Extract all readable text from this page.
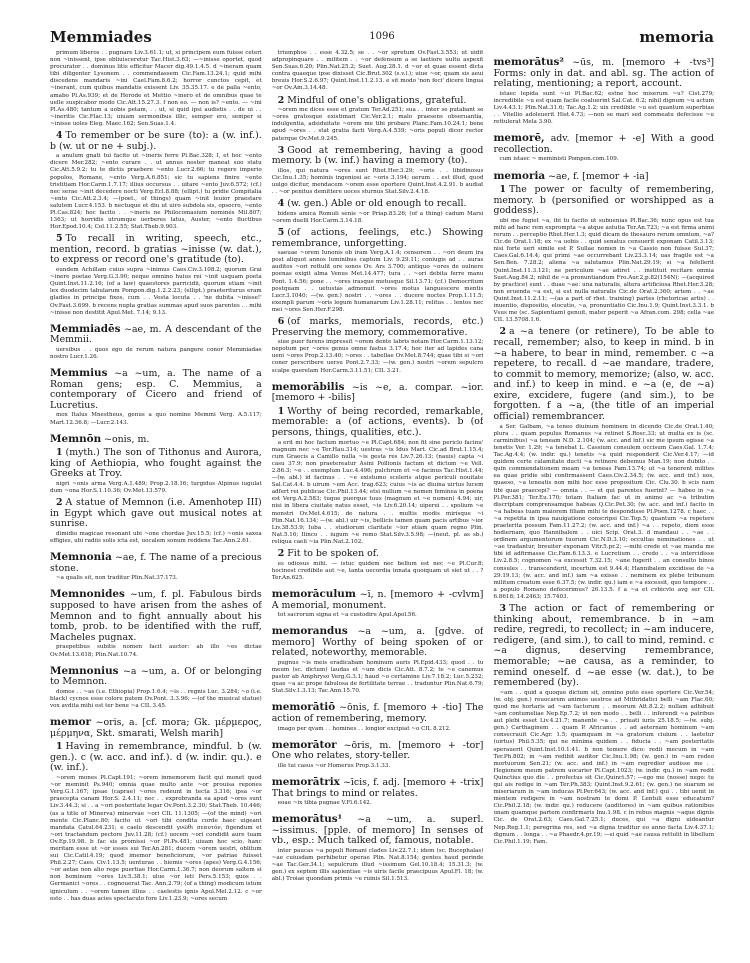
Memmiades	1096	memoria

primum liberos . . pugnare Liv.3.61.1; ut, si principem eum fuisse ceteri non ~inissent, ipse obliuisceretur Tac.Hist.3.63; —~inisse oportet, quod procurator . . dominus litis efficitur Macer dig.49.1.4.5. d ~ineram quam tibi diligenter Lysonem . . commendassem Cic.Fam.13.24.1; quid mihi discedens mandaris ~ini Cael.Fam.8.6.2; horror cunctos cepit, et ~inerant, cum quibus mandatis exissent Liv. 35.35.17. e de palla ~ento, amabo Pl.As.939; et de Herode et Mettio ~inero et de omnibus quae te uelle suspicabor modo Cic.Att.15.27.3. f non eo. — non is? ~ento. — ~ini Pl.As.480; tantum a uobis petam, . . ut, si quid ipsi audistis . . de ui . . ~ineritis Cic.Flac.13; uiuam sermonibus illic, semper ero, semper si ~inisse uoles Eleg. Maec.162; Sen.Suas.1.4.

4 To remember or be sure (to): a (w. inf.). b (w. ut or ne + subj.).

a anulum gnati tui facito ut ~ineris ferre Pl.Bac.328; I, et hoc ~ento dicere Mer.282; ~ento curare . . ut annus noster maneat suo statu Cic.Att.5.9.2; tu te dictis praebere ~ento Lucr.2.66; tu regere imperio populos, Romane, ~ento Verg.A.6.851; sic tu sapiens finire ~ento tristitiam Hor.Carm.1.7.17; illius occursus . . uitare ~ento Juv.6.572; (cf.) nec serae ~init decedere nocti Verg.Ecl.8.88; (ellipt.) tu pridie Compitalia ~ento Cic.Att.2.3.4; —(poet., of things) quam ~init leuior praestare salutem Lucr.4.153. b nectuque et diu ut uiro subdola sis, opsecro, ~ento Pl.Cas.824; hoc facito . . ~ineris ne Philocomasium nominés Mil.807; 1363; ut horridis utrumque uerberes latus, Auster, ~ento fluctibus Hor.Epod.10.4; Col.11.2.55; Stat.Theb.9.903.

5 To recall in writing, speech, etc., mention, record. b gratias ~inisse (w. dat.), to express or record one's gratitude (to).

eundem Achillam cuius supra ~inimus Caes.Civ.3.108.2; quorum Grai ~inere poetae Verg.G.3.90; neque omnino huius rei ~init usquam poeta Quint.Inst.11.2.16; (of a law) quaestores parricidii, quorum etiam ~init lex duodecim tabularum Pompon.dig.1.2.2.23; (ellipt.) praeteriturus eram gladios in principe fixos, cum . . Vesta locuta . . 'ne dubita ~inisse!' Ov.Fast.3.699. b recens nupta gratias summas apud suos parentes . . mihi ~inisse non destitit Apul.Met. 7.14; 9.13.

Memmiadēs ~ae, m. A descendant of the Memmii.

uersibus . . quos ego de rerum natura pangere conor Memmiadae nostro Lucr.1.26.

Memmius ~a ~um, a. The name of a Roman gens; esp. C. Memmius, a contemporary of Cicero and friend of Lucretius.

mox Italus Mnestheus, genus a quo nomine Memmi Verg. A.5.117; Mart.12.36.8; —Lucr.2.143.

Memnōn ~onis, m.

1 (myth.) The son of Tithonus and Aurora, king of Aethiopia, who fought against the Greeks at Troy.

nigri ~onis arma Verg.A.1.489; Prop.2.18.16; turgidus Alpinus iugulat dum ~ona Hor.S.1.10.36; Ov.Met.13.579.

2 A statue of Memnon (i.e. Amenhotep III) in Egypt which gave out musical notes at sunrise.

dimidio magicae resonant ubi ~one chordae Juv.15.5; (cf.) ~onis saxea effigies, ubi radiis solis icta est, uocalem sonum reddens Tac.Ann.2.61.

Memnonia ~ae, f. The name of a precious stone.

~a qualis sit, non traditur Plin.Nat.37.173.

Memnonides ~um, f. pl. Fabulous birds supposed to have arisen from the ashes of Memnon and to fight annually about his tomb, prob. to be identified with the ruff, Macheles pugnax.

praepetibus subitis nomen facit auctor: ab illo ~es dictae Ov.Met.13.618; Plin.Nat.10.74.

Memnonius ~a ~um, a. Of or belonging to Memnon.

domos . . ~as (i.e. Ethiopia) Prop.1.6.4; ~is . . regnis Luc. 3.284; ~o (i.e. black) cycnos esse colore putem Ov.Pont. 3.3.96; —(of the musical statue) vox avdita mihi est ter bene ~a CIL 3.45.

memor ~oris, a. [cf. mora; Gk. μέρμερος, μέρμηνα, Skt. smarati, Welsh marih]

1 Having in remembrance, mindful. b (w. gen.). c (w. acc. and inf.). d (w. indir. qu.). e (w. inf.).

~orem mones Pl.Capt.191; ~orem inmemorem facit qui monet quod ~or meminit Ps.940; omnia quae multo ante ~or prouisa repones Verg.G.1.167; ipsae (caprae) ~ores redeunt in tecta 3.316; ipsa ~or praecepta canam Hor.S. 2.4.11; nec . . exprobranda ea apud ~ores sunt Liv.3.44.3; si . . a ~ori posteritate legar Ov.Pont.3.2.30; Stat.Theb. 10.446; (as a title of Minerva) minervae ~ori CIL 11.1305; —(of the mind) ~ori mente Cic.Planc.80; facito ut ~ori tibi condita corde haec uigeant mandata Catul.64.231; e caelo descendit γνῶθι σεαυτόν, figendum et ~ori tractandum pectore Juv.11.28; (cf.) uocem ~ori condidit aure tuam Ov.Ep.19.98. b fac sis promissi ~or Pl.Ps.481; uiuam hoc scio, hanc meritam esse ut ~or esses sui Ter.An.281; ducem ~orem uestri, oblitum sui Cic.Catil.4.19; quod imemor beneficiorum, ~or patriae fuisset Phil.2.27; Caes. Civ.1.13.5; uenturae . . hiemis ~ores (apes) Verg.G.4.156; ~or aetae non alio rege puertiae Hor.Carm.1.36.7; non deorum saltem si non hominum ~ores Liv.5.38.1; ulue ~or leti Pers.5.153; quos . . Germanici ~ores . . cognouerat Tac. Ann.2.79; (of a thing) modicum istum igniculum . . ~orem tamen illius . . caelestis ignis Apul.Mel.2.12. c ~or esto . . has duas acies spectaculo fore Liv.1.23.9; ~ores secum

triumphos . . esse 4.32.5; se . . ~or spretum Ov.Fast.3.553; ut uidit adpropinquare . . militem . . ~or defensum a se laetiore uultu aspexit Sen.Suas.6.20; Plin.Nat.25.2; Suet. Aug.28.1. d ~or et quae essent dicta contra quaeque ipse dixisset Cic.Brut.302 (s.v.l.); uiue ~or, quam sis aeui breuis Hor.S.2.6.97; Quint.Inst.11.2.13. e sit modo 'non feci' dicere lingua ~or Ov.Am.3.14.48.

2 Mindful of one's obligations, grateful.

~orem me dices esse et gratum Ter.Ad.251; sua . . inter se putabant se ~ores gratosque existimari Cic.Ver.2.1; malo praesens obseruantia, indulgentia, adsiduitate ~orem me tibi probare Planc.Fam.10.24.1; bene apud ~ores . . stat gratia facti Verg.A.4.539; ~oris populi dicor rector paterque Ov.Met.9.245.

3 Good at remembering, having a good memory. b (w. inf.) having a memory (to).

illos, qui natura ~ores sunt Rhet.Her.3.29; ~oris . . libidinosus Cic.Inu.1.35; hominis ingeniosi ac ~oris 3.194; uerum . . est illud, quod uulgo dicitur, mendacem ~orem esse oportere Quint.Inst.4.2.91. b audiat . . ~or penitus demittere uoces sturnus Stat.Silv.2.4.18.

4 (w. gen.) Able or old enough to recall.

bidens amica Romuli senis ~or Priap.83.26; (of a thing) cadum Marsi ~orem duelli Hor.Carm.3.14.18.

5 (of actions, feelings, etc.) Showing remembrance, unforgetting.

saeuae ~orem Iunonis ob iram Verg.A.1.4; censorem . . ~ori deum ira post aliquot annos luminibus captum Liv. 9.29.11; coniugis ad . . auras auditos ~ori rettulit ore sonos Ov. Ars 3.700; antiquo ~ores de uulnere poenas exigit alma Venus Met.14.477; tura . . ~ori debita ferre manu Pont. 1.4.56; pone . . ~ores irasque metusque Sil.13.71; (cf.) Democritum postquam . . uetustas admonuit ~ores motus languescere mentis Lucr.3.1040; —(w. gen.) nostri . . ~ores . . ducere noctes Prop.1.11.5; exempli parum ~oris legum humanarum Liv.1.28.11; relitus . . lentos nec mei ~ores Sen.Her.F.298.

6 (of marks, memorials, records, etc.) Preserving the memory, commemorative.

siue puer furens impressit ~orem dente labris notam Hor.Carm.1.13.12; nepotum per ~ores genus omne fastus 3.17.4; hoc iter ad lapides cana ueni ~ores Prop.2.13.40; ~ores . . tabellae Ov.Met.8.744; quae tibi si ~ori coner perscribere uersu Pont.2.7.33; —(w. gen.) nostri ~orem sepulcro scalpe querelam Hor.Carm.3.11.51; CIL 3.21.

memorābilis ~is ~e, a. compar. ~ior. [memoro + -bilis]

1 Worthy of being recorded, remarkable, memorable: a (of actions, events). b (of persons, things, qualities, etc.).

a erit mi hoc factum mortuo ~e Pl.Capt.684; non fit sine periclo facinu' magnum nec ~e Ter.Hau.314; uestras ~is Idus Mart. Cic.ad Brut.1.15.4; cum Graecis a Camillo nulla ~is gesta res Liv.7.26.13; (nauis) capta ~i casu 37.9; non praetereatur Asini Pollionis factum et dictum ~e Vell. 2.86.3; ~e . . exemplum Luc.4.496; pulchrum et ~e facinus Tac.Hist.1.44; —(w. abl.) id facinus . . ~e existumo sceleris atque periculi nouitate Sal.Cat.4.4. b uirum ~em Acc. trag.623; cuius ~is ac diuina uirtus lucem adfert rei publicae Cic.Phil.13.44; etsi nullum ~e nomen feminea in poena est Verg.A.2.583; tuque puerque tuus (magnum et ~e numen) 4.94; uir, nisi in libera ciuitate natus esset, ~is Liv.6.20.14; uiperei . . spolium ~e monstri Ov.Met.4.615; de natura . . multis modis mirisque ~i Plin.Nat.16.134; —(w. abl.) uir ~is, bellicis tamen quam pacis artibus ~ior Liv.38.53.9; Iuba . . studiorum claritate ~ior etiam quam regno Plin. Nat.5.16; Ilinco . . iugum ~e remo Stat.Silv.3.5.98; —(neut. pl. as sb.) reliqua caeli ~ia Plin.Nat.2.102.

2 Fit to be spoken of.

es odiosus mihi. — istuc quidem nec bellum est nec ~e Pl.Cur.8; hocinest credibile aut ~e, tanta uecordia innata quoiquam ut siet ut . . ? Ter.An.625.

memorāculum ~ī, n. [memoro + -cvlvm] A memorial, monument.

tot sacrorum signa et ~a custodire Apul.Apol.56.

memorandus ~a ~um, a. [gdve. of memoro] Worthy of being spoken of or related, noteworthy, memorable.

pugnus ~is meis eradicabam hominum auris Pl.Epid.433; quod . . tu meum (sc. dictum) laudas et ~um dicis Cic.Att. 8.7.2; te ~e canemus pastor ab Amphryso Verg.G.3.1; haud ~o certamine Liv.7.18.2; Luc.5.232; quae ~a ac prope fabulosa de fertilitate terrae . . traduntur Plin.Nat.6.79; Stat.Silv.1.3.13; Tac.Ann.15.70.

memorātiō ~ōnis, f. [memoro + -tio] The action of remembering, memory.

imago per qvam . . homines . . longior excipiat ~o CIL 8.212.

memorātor ~ōris, m. [memoro + -tor] One who relates, story-teller.

ille tui casus ~or Homerus Prop.3.1.33.

memorātrix ~īcis, f. adj. [memoro + -trix] That brings to mind or relates.

eoae ~ix tibia pugnae V.Fl.6.142.

memorātus¹ ~a ~um, a. superl. ~issimus. [pple. of memoro] In senses of vb., esp.: Much talked of, famous, notable.

inter paucas ~a populi Romani clades Liv.22.7.1; idem (sc. Bucephalas) ~ae cuiusdam perhibetur operae Plin. Nat.8.154; gentes haud perinde ~ae Tac.Ger.34.1; sepulcrum illud ~issimum Gel.10.18.4; 15.31.3; (w. gen.) ex septem illis sapientiae ~is uiris facile praecipuus Apul.Fl. 18; (w. abl.) Troiae quondam primis ~e ruinis Sil.1.513.

memorātus² ~ūs, m. [memoro + -tvs³] Forms: only in dat. and abl. sg. The action of relating, mentioning; a report, account.

istaec lepida sunt ~ui Pl.Bac.62; estne hoc miserum ~u? Cist.279; incredibile ~u est quam facile coaluerint Sal.Cat. 6.2; nihil dignum ~u actum Liv.4.43.1; Plin.Nat.31.6; Tac.Ag.1.2; uix credibile ~u est quantum superbiae . . Vitellio adoleuerit Hist.4.73; —non se mari sed commeatu defecisse ~u rettulerat Mela 3.90.

memorē, adv. [memor + -e] With a good recollection.

cum istaec ~ meministi Pompon.com.109.

memoria ~ae, f. [memor + -ia]

1 The power or faculty of remembering, memory. b (personified or worshipped as a goddess).

ubi me fugiet ~a, ibi tu facito ut subuenias Pl.Bac.36; nunc opus est tua mihi ad hanc rem exprompta ~a atque astutia Ter.An.723; ~a est firma animi rerum . . perceptio Rhet.Her.1.3; quid dicam de thesauro rerum omnium, ~a? Cic.de Orat.1.18; ex ~a uobis . . quid senatus censuerit exponam Catil.3.13; nisi forte ueri simile est P. Sullae nomen in ~a Cassio non fuisse Sul.37; Caes.Gal.6.14.4; qui primi ~ae occurrebant Liv.23.3.14; uas fragile est ~a Sen.Ben. 7.28.2; aliena ~a salutamus Plin.Nat.29.19; si ~a fefellerit Quint.Inst.11.3.121; ne periculum ~ae adiret . . instituit recitare omnia Suet.Aug.84.2; nihil de ~a pronuntiandum Fro.Aur.2,p.82(154N); —(acquired by practice) sunt . . duae ~ae: una naturalis, altera artificiosa Rhet.Her.3.28; non eruenda ~a est, si est nulla naturalis Cic.de Orat.2.360; artem . . ~ae Quint.Inst.11.2.11; —(as a part of rhet. training) partes (rhetoricae artis) . . inuentio, dispositio, elocutio, ~a, pronuntiatio Cic.Inu.1.9; Quint.Inst.3.3.1. b Vsus me (sc. Sapientiam) genuit, mater peperit ~a Afran.com. 298; cella ~ae CIL 13.5708.1.6.

2 a ~a tenere (or retinere), To be able to recall, remember; also, to keep in mind. b in ~a habere, to bear in mind, remember. c ~a repetere, to recall. d ~ae mandare, tradere, to commit to memory, memorize; (also, w. acc. and inf.) to keep in mind. e ~a (e, de ~a) exire, excidere, fugere (and sim.), to be forgotten. f a ~a, (the title of an imperial official) remembrancer.

a Ser. Galbam, ~a teneo diuinum hominem in dicendo Cic.de Orat.1.40; plura . . quam populus Romanus ~a retinet S.Rosc.33; ut multa ex is (sc. carminibus) ~a teneam N.D. 2.104; (w. acc. and inf.) sic me ipsum egisse ~a tenetis Ver. 1.29; ~a tenebat L. Cassium consulem occisum Caes.Gal. 1.7.4; Tac.Ag.4.4; (w. indir. qu.) tenetis ~a quid responderit Cic.Ver.4.17; —id quidem certe calamitate ducti ~a retinere debemus Man.19; non dubito . . quin commendationem meam ~a teneas Fam.13.74; ut ~a tenerent milites ea quae pridie sibi confirmassent Caes.Civ.2.34.5; (w. acc. and inf.) uos, quaeso, ~a teneatis non mihi hoc esse propositum Cic. Clu.30. b scis nam tibi quae praecepi? — omnia . . — et qui parentes fuerint? — habeo in ~a Pl.Per.381; Ter.Eu.170; totam Italiam fac ut in animo ac ~a tributim discriptam comprensamque habeas Q.Cic.Pet.30; (w. acc. and inf.) facito in ~a habeas tuam maiorem filiam mihi te despondisse Pl.Poen.1278. c haec . . ~a repetita in ipsa nauigatione conscripsi Cic.Top.5; quantum ~a repetere praeterita possum Fam.11.27.2; (w. acc. and inf.) ~a . . repeto, diem esse hodiernam, quo Hannibalem . . uici Scip. Orat.3. d mandaui . . ~ae . . ordinem argumentorum tuorum Cic.N.D.3.10; occultas nominationes . . ut ~ae tradantur, breuiter exponam Vitr.5.pr.2; —mihi crede et ~ae manda me tibi id adfirmasse Cic.Fam.6.13.3. e Lucretium . . credo . . ~a intercidisse Liv.2.8.5; cognomen ~a excessit 7.32.15; ~ane fugerit . . an consulto binos consules . . transcenderit, incertum est 9.44.4; Hannibalem excidisse de ~a 29.19.13; (w. acc. and inf.) iam ~a exisse . . neminem ex plebe tribunum militum creatum esse 6.37.5; (w. indir. qu.) iam e ~a excessit, quo tempore . . a populo Romano defecerimus? 26.13.5. f a ~a et cvbicvlo avg ser CIL 6.8618; 14.2463; 15.7403.

3 The action or fact of remembering or thinking about, remembrance. b in ~am redire, regredi, to recollect; in ~am inducere, redigere, (and sim.), to call to mind, remind. c ~a dignus, deserving remembrance, memorable; ~ae causa, as a reminder, to remind oneself. d ~ae esse (w. dat.), to be remembered (by).

~am . . quid a quoque dictum sit, omnino puto esse oportere Cic.Ver.54; (w. obj. gen.) reuocarem animos uestros ad Mithridatici belli ~am Flac.60; quod me hortaris ad ~am factorum . . meorum Att.8.2.2; nullam adhibuit ~am contumeliae Nep.Ep.7.2; ut non modo . . belli . . inferendi ~a patribus aut plebi esset Liv.4.21.7; manente ~a . . priuati iuris 25.18.5; —(w. subj. gen.) Carthaginem . . quam P. Africanus . . ad aeternam hominum ~am consecrauit Cic.Agr. 1.5; quamquam in ~a gratorum ciuium . . laetetur (uirtus) Phil.5.35; qui ne minima quidem . . fiducia . . ~am posteritatis sperauerit Quint.Inst.10.1.41. b non temere dico: redii mecum in ~am Ter.Ph.802; in ~am redibit auditor Cic.Inu.1.98; (w. gen.) in ~am redeo mortuorum Sen.21; (w. acc. and inf.) in ~am regredior audisse me . . Hegionem meum patrem uocarier Pl.Capt.1023; (w. indir. qu.) in ~am redit Quinctius quo die . . profectus sit Cic.Quinct.57; —ego me (nosse) nego: tu qui ais redige in ~am Ter.Ph.383; Quint.Inst.9.2.61; (w. gen.) ne suarum se miseriarum in ~am inducas Pl.Per.643; (w. acc. and inf.) qui . . tibi uenit in mentem redigere in ~am nostram te domi P. Lentuli esse educatum? Cic.Phil.2.18; (w. indir. qu.) reducere (auditores) in ~am quibus rationibus unam quamque partem confirmaris Inu.1.98. c in rebus magnis ~aque dignis Cic. de Orat.2.63; Caes.Gal.7.25.1; duces, qui ~a digni uideantur Nep.Reg.1.1; peregrina res, sed ~a digna traditur eo anno facta Liv.4.37.1; dignum . . longa . . ~a Phaedr.4.pr.19; —si quid ~ae causa rettulit in libellum Cic.Phil.1.19; Fam.
